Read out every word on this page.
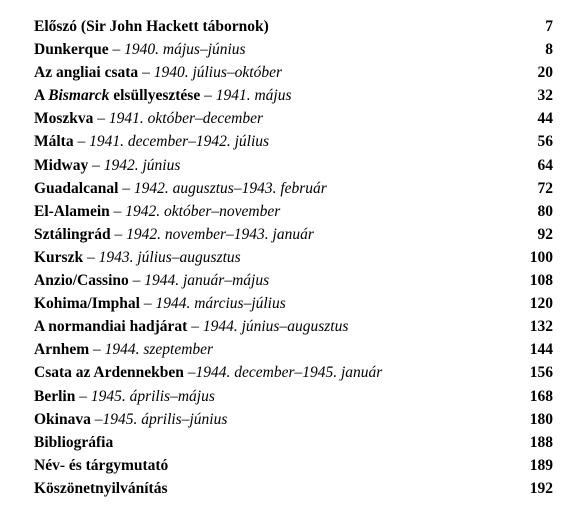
Előszó (Sir John Hackett tábornok)	7
Dunkerque – 1940. május–június	8
Az angliai csata – 1940. július–október	20
A Bismarck elsüllyesztése – 1941. május	32
Moszkva – 1941. október–december	44
Málta – 1941. december–1942. július	56
Midway – 1942. június	64
Guadalcanal – 1942. augusztus–1943. február	72
El-Alamein – 1942. október–november	80
Sztálingrád – 1942. november–1943. január	92
Kurszk – 1943. július–augusztus	100
Anzio/Cassino – 1944. január–május	108
Kohima/Imphal – 1944. március–július	120
A normandiai hadjárat – 1944. június–augusztus	132
Arnhem – 1944. szeptember	144
Csata az Ardennekben –1944. december–1945. január	156
Berlin – 1945. április–május	168
Okinava –1945. április–június	180
Bibliográfia	188
Név- és tárgymutató	189
Köszönetnyilvánítás	192
